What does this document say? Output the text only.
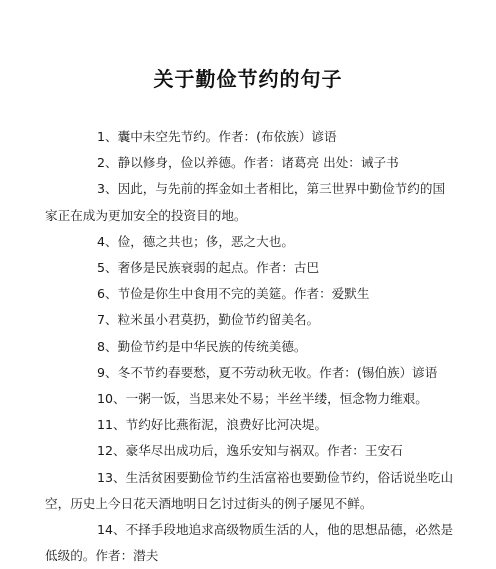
关于勤俭节约的句子
1、囊中未空先节约。作者：(布依族）谚语
2、静以修身，俭以养德。作者：诸葛亮 出处：诫子书
3、因此，与先前的挥金如土者相比，第三世界中勤俭节约的国家正在成为更加安全的投资目的地。
4、俭，德之共也；侈，恶之大也。
5、奢侈是民族衰弱的起点。作者：古巴
6、节俭是你生中食用不完的美筵。作者：爱默生
7、粒米虽小君莫扔，勤俭节约留美名。
8、勤俭节约是中华民族的传统美德。
9、冬不节约春要愁，夏不劳动秋无收。作者：(锡伯族）谚语
10、一粥一饭，当思来处不易；半丝半缕，恒念物力维艰。
11、节约好比燕衔泥，浪费好比河决堤。
12、豪华尽出成功后，逸乐安知与祸双。作者：王安石
13、生活贫困要勤俭节约生活富裕也要勤俭节约，俗话说坐吃山空，历史上今日花天酒地明日乞讨过街头的例子屡见不鲜。
14、不择手段地追求高级物质生活的人，他的思想品德，必然是低级的。作者：潜夫
